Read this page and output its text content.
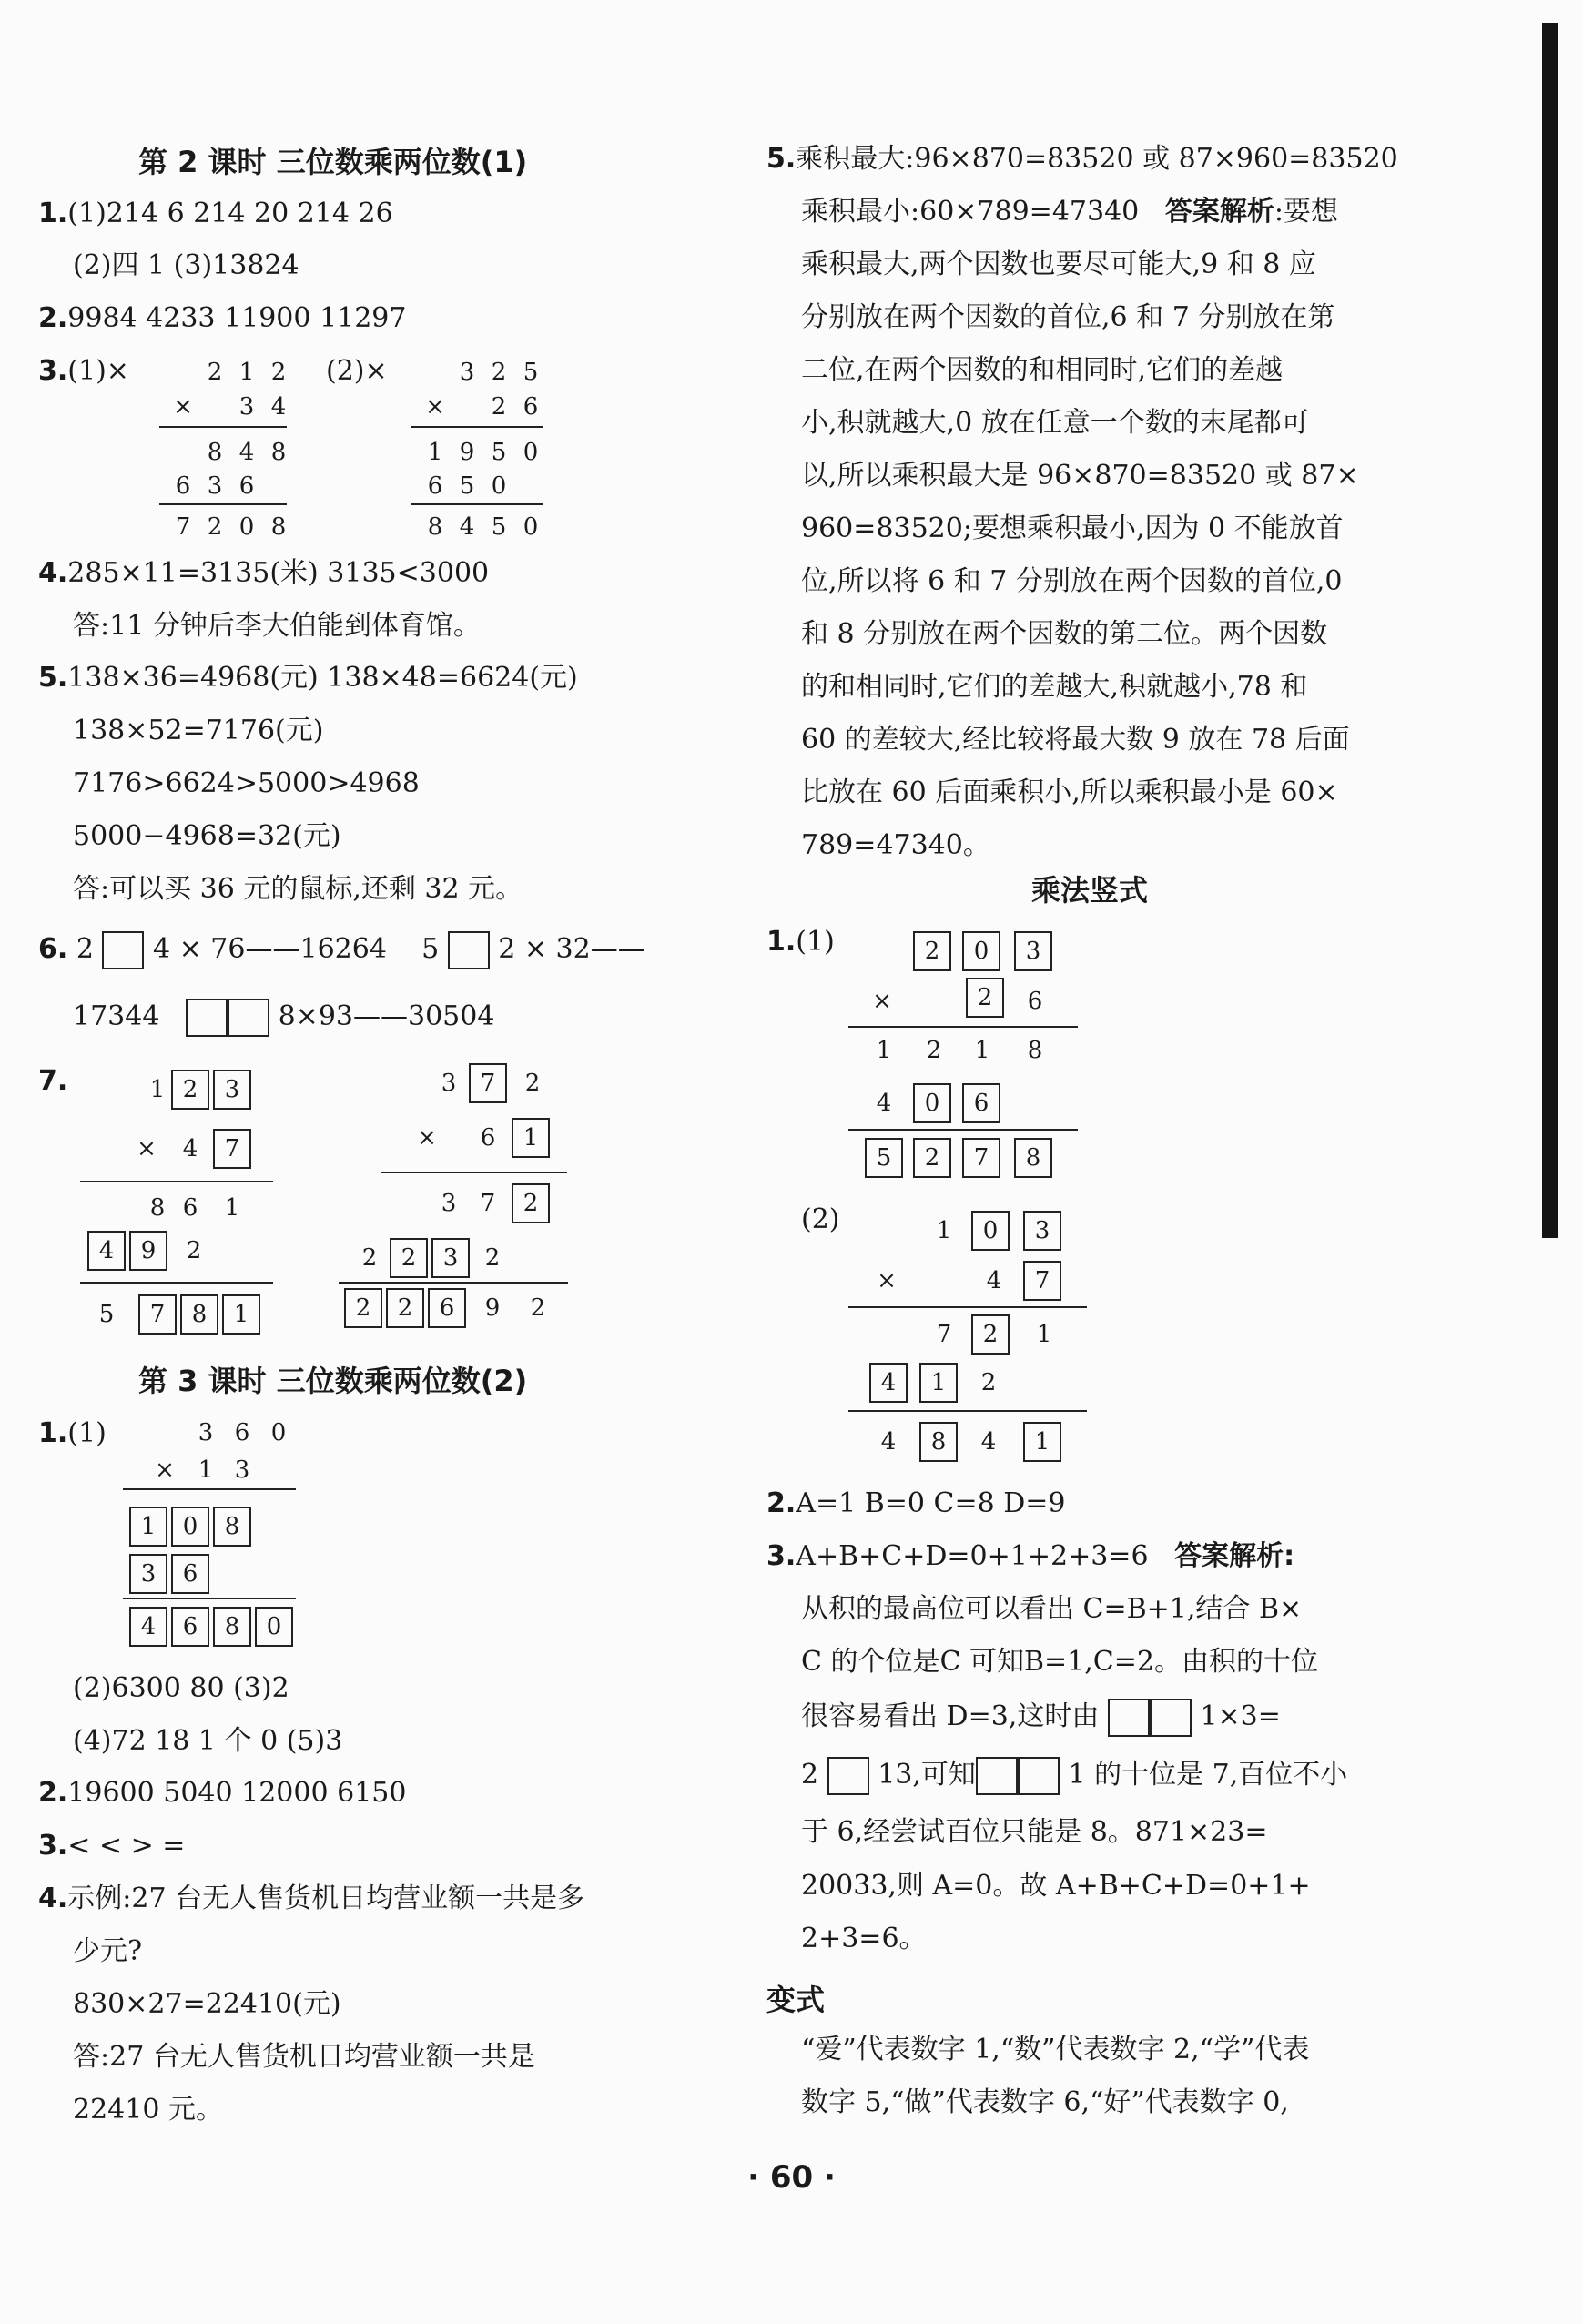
第 2 课时 三位数乘两位数(1)
1.(1)214 6 214 20 214 26
(2)四 1 (3)13824
2.9984 4233 11900 11297
3.(1)×	2 1 2
×	3 4
8 4 8
6 3 6
7 2 0 8
(2)×	3 2 5
×	2 6
1 9 5 0
6 5 0
8 4 5 0
4.285×11=3135(米) 3135<3000
答:11 分钟后李大伯能到体育馆。
5.138×36=4968(元) 138×48=6624(元)
138×52=7176(元)
7176>6624>5000>4968
5000−4968=32(元)
答:可以买 36 元的鼠标,还剩 32 元。
6. 2 4 × 76——16264 5 2 × 32——
17344	8×93——30504
7.	1 2	3
×	4	7
8 6	1
4	9	2
5	7	8	1
3	7	2
×	6	1
3	7	2
2	2	3	2
2	2	6	9	2
第 3 课时 三位数乘两位数(2)
1.(1)	3 6 0
× 1 3
1	0	8
3	6
4	6	8	0
(2)6300 80 (3)2
(4)72 18 1 个 0 (5)3
2.19600 5040 12000 6150
3.< < > =
4.示例:27 台无人售货机日均营业额一共是多
少元?
830×27=22410(元)
答:27 台无人售货机日均营业额一共是
22410 元。
5.乘积最大:96×870=83520 或 87×960=83520
乘积最小:60×789=47340 答案解析:要想
乘积最大,两个因数也要尽可能大,9 和 8 应
分别放在两个因数的首位,6 和 7 分别放在第
二位,在两个因数的和相同时,它们的差越
小,积就越大,0 放在任意一个数的末尾都可
以,所以乘积最大是 96×870=83520 或 87×
960=83520;要想乘积最小,因为 0 不能放首
位,所以将 6 和 7 分别放在两个因数的首位,0
和 8 分别放在两个因数的第二位。两个因数
的和相同时,它们的差越大,积就越小,78 和
60 的差较大,经比较将最大数 9 放在 78 后面
比放在 60 后面乘积小,所以乘积最小是 60×
789=47340。
乘法竖式
1.(1)	2	0	3
×	2	6
1	2	1	8
4	0	6
5	2	7	8
(2)	1	0	3
×	4	7
7	2	1
4	1	2
4	8	4	1
2.A=1 B=0 C=8 D=9
3.A+B+C+D=0+1+2+3=6 答案解析:
从积的最高位可以看出 C=B+1,结合 B×
C 的个位是C 可知B=1,C=2。由积的十位
很容易看出 D=3,这时由	1×3=
2 13,可知	1 的十位是 7,百位不小
于 6,经尝试百位只能是 8。871×23=
20033,则 A=0。故 A+B+C+D=0+1+
2+3=6。
变式
“爱”代表数字 1,“数”代表数字 2,“学”代表
数字 5,“做”代表数字 6,“好”代表数字 0,
· 60 ·
